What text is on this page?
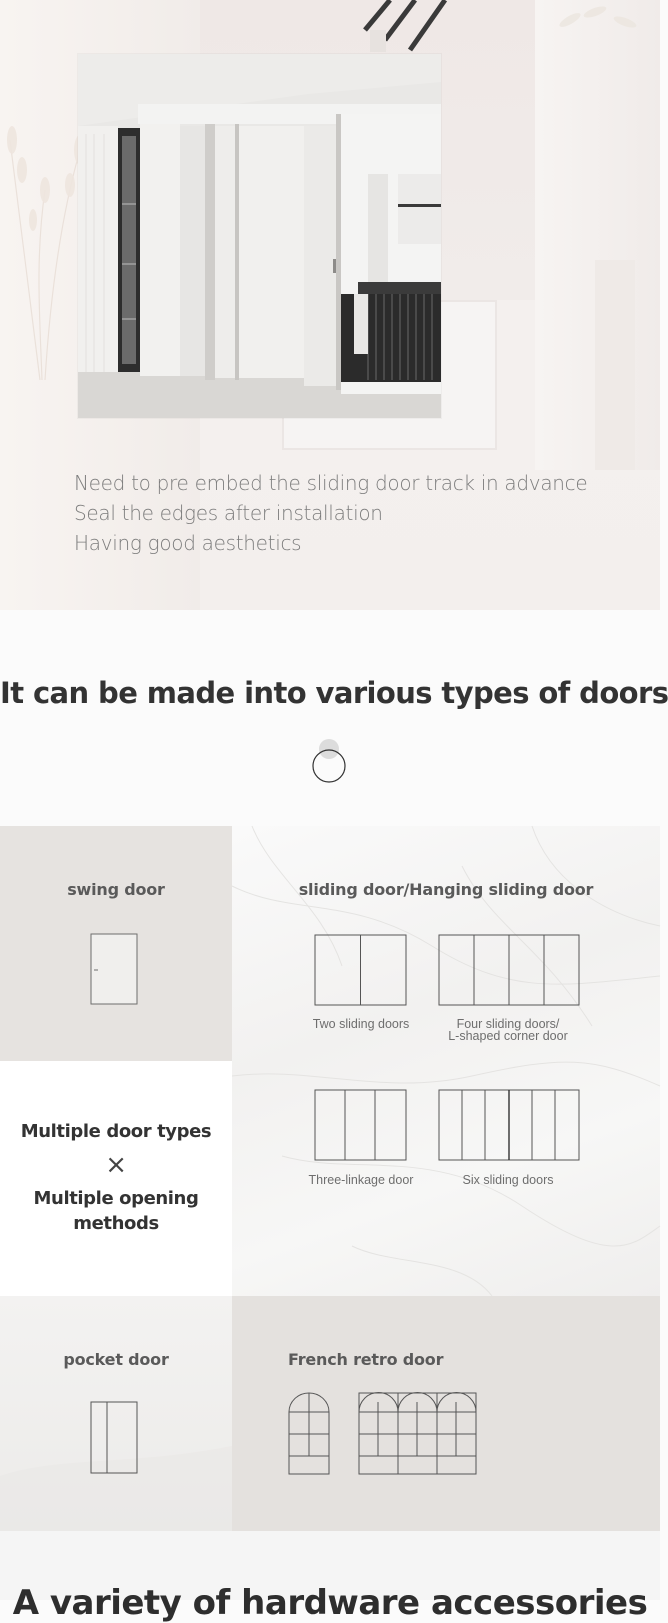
Need to pre embed the sliding door track in advance
Seal the edges after installation
Having good aesthetics
It can be made into various types of doors
swing door	sliding door/Hanging sliding door
Two sliding doors	Four sliding doors/
L-shaped corner door
Three-linkage door	Six sliding doors
Multiple door types
×
Multiple opening
methods
pocket door	French retro door
A variety of hardware accessories
